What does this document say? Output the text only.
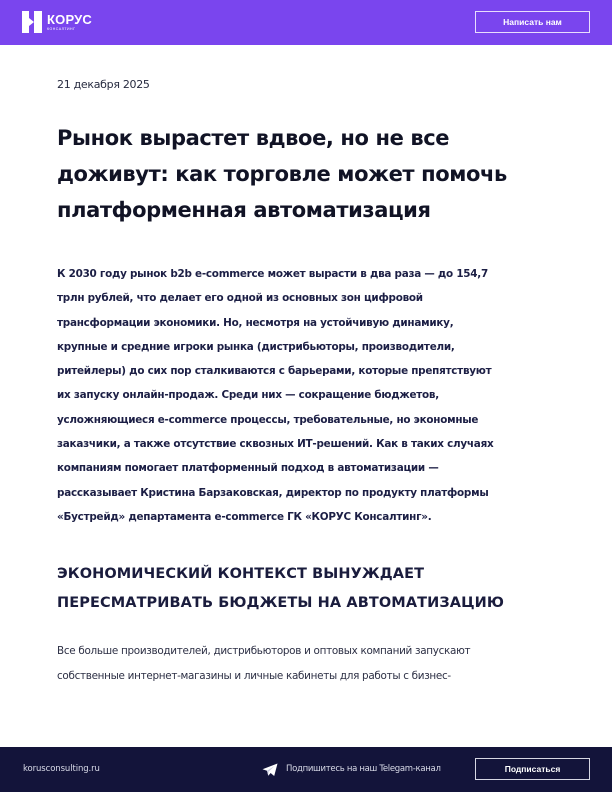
КОРУС
КОНСАЛТИНГ
Написать нам
21 декабря 2025
Рынок вырастет вдвое, но не все
доживут: как торговле может помочь
платформенная автоматизация
К 2030 году рынок b2b e-commerce может вырасти в два раза — до 154,7
трлн рублей, что делает его одной из основных зон цифровой
трансформации экономики. Но, несмотря на устойчивую динамику,
крупные и средние игроки рынка (дистрибьюторы, производители,
ритейлеры) до сих пор сталкиваются с барьерами, которые препятствуют
их запуску онлайн-продаж. Среди них — сокращение бюджетов,
усложняющиеся e-commerce процессы, требовательные, но экономные
заказчики, а также отсутствие сквозных ИТ-решений. Как в таких случаях
компаниям помогает платформенный подход в автоматизации —
рассказывает Кристина Барзаковская, директор по продукту платформы
«Бустрейд» департамента e-commerce ГК «КОРУС Консалтинг».
ЭКОНОМИЧЕСКИЙ КОНТЕКСТ ВЫНУЖДАЕТ
ПЕРЕСМАТРИВАТЬ БЮДЖЕТЫ НА АВТОМАТИЗАЦИЮ
Все больше производителей, дистрибьюторов и оптовых компаний запускают
собственные интернет-магазины и личные кабинеты для работы с бизнес-
korusconsulting.ru	Подпишитесь на наш Telegam-канал	Подписаться
